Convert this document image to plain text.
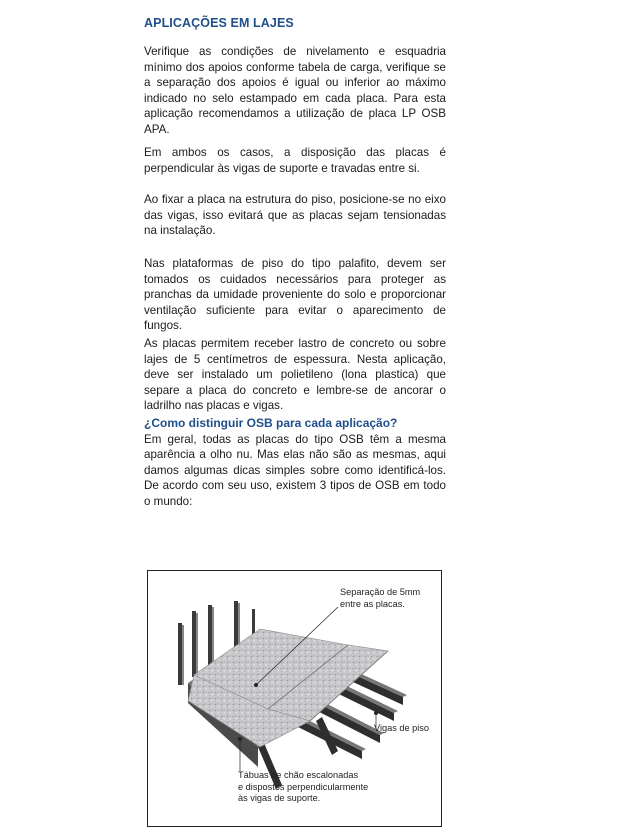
APLICAÇÕES EM LAJES

Verifique as condições de nivelamento e esquadria mínimo dos apoios conforme tabela de carga, verifique se a separação dos apoios é igual ou inferior ao máximo indicado no selo estampado em cada placa. Para esta aplicação recomendamos a utilização de placa LP OSB APA.

Em ambos os casos, a disposição das placas é perpendicular às vigas de suporte e travadas entre si.

Ao fixar a placa na estrutura do piso, posicione-se no eixo das vigas, isso evitará que as placas sejam tensionadas na instalação.

Nas plataformas de piso do tipo palafito, devem ser tomados os cuidados necessários para proteger as pranchas da umidade proveniente do solo e proporcionar ventilação suficiente para evitar o aparecimento de fungos.

As placas permitem receber lastro de concreto ou sobre lajes de 5 centímetros de espessura. Nesta aplicação, deve ser instalado um polietileno (lona plastica) que separe a placa do concreto e lembre-se de ancorar o ladrilho nas placas e vigas.

¿Como distinguir OSB para cada aplicação?

Em geral, todas as placas do tipo OSB têm a mesma aparência a olho nu. Mas elas não são as mesmas, aqui damos algumas dicas simples sobre como identificá-los. De acordo com seu uso, existem 3 tipos de OSB em todo o mundo:

Separação de 5mm
entre as placas.
Vigas de piso
Tábuas de chão escalonadas
e dispostos perpendicularmente
às vigas de suporte.
